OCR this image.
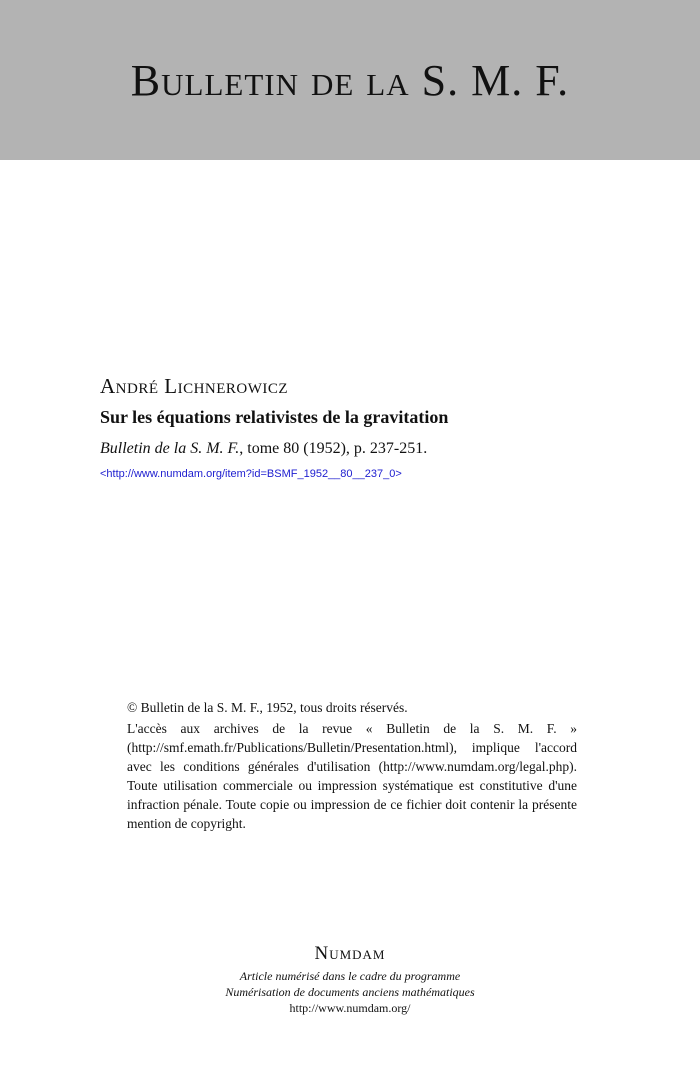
Bulletin de la S. M. F.
André Lichnerowicz
Sur les équations relativistes de la gravitation
Bulletin de la S. M. F., tome 80 (1952), p. 237-251.
<http://www.numdam.org/item?id=BSMF_1952__80__237_0>

© Bulletin de la S. M. F., 1952, tous droits réservés.

L'accès aux archives de la revue « Bulletin de la S. M. F. » (http://smf.emath.fr/Publications/Bulletin/Presentation.html), implique l'accord avec les conditions générales d'utilisation (http://www.numdam.org/legal.php). Toute utilisation commerciale ou impression systématique est constitutive d'une infraction pénale. Toute copie ou impression de ce fichier doit contenir la présente mention de copyright.

Numdam
Article numérisé dans le cadre du programme
Numérisation de documents anciens mathématiques
http://www.numdam.org/
